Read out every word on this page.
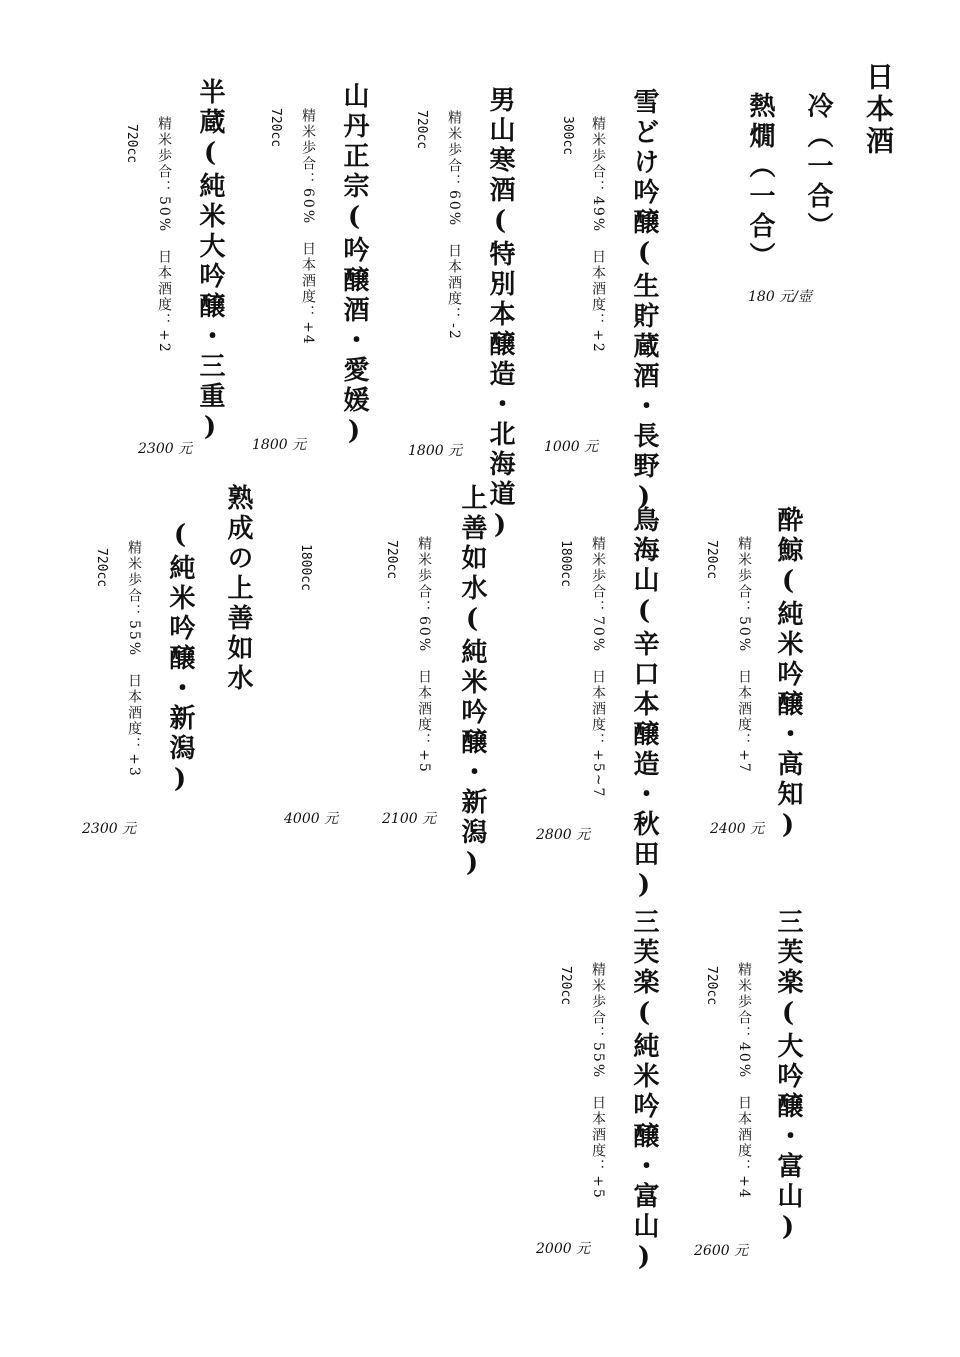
日本酒
冷（一合）
熱燗（一合）
180 元/壺
雪どけ吟醸(生貯蔵酒・長野)
精米歩合：49%　日本酒度：+2
300cc
1000 元
男山寒酒(特別本醸造・北海道)
精米歩合：60%　日本酒度：-2
720cc
1800 元
山丹正宗(吟醸酒・愛媛)
精米歩合：60%　日本酒度：+4
720cc
1800 元
半蔵(純米大吟醸・三重)
精米歩合：50%　日本酒度：+2
720cc
2300 元
酔鯨(純米吟醸・高知)
精米歩合：50%　日本酒度：+7
720cc
2400 元
鳥海山(辛口本醸造・秋田)
精米歩合：70%　日本酒度：+5~7
1800cc
2800 元
上善如水(純米吟醸・新潟)
精米歩合：60%　日本酒度：+5
720cc
2100 元
熟成の上善如水	1800cc
4000 元
(純米吟醸・新潟)
精米歩合：55%　日本酒度：+3
720cc
2300 元
三芙楽(大吟醸・富山)
精米歩合：40%　日本酒度：+4
720cc
2600 元
三芙楽(純米吟醸・富山)
精米歩合：55%　日本酒度：+5
720cc
2000 元
